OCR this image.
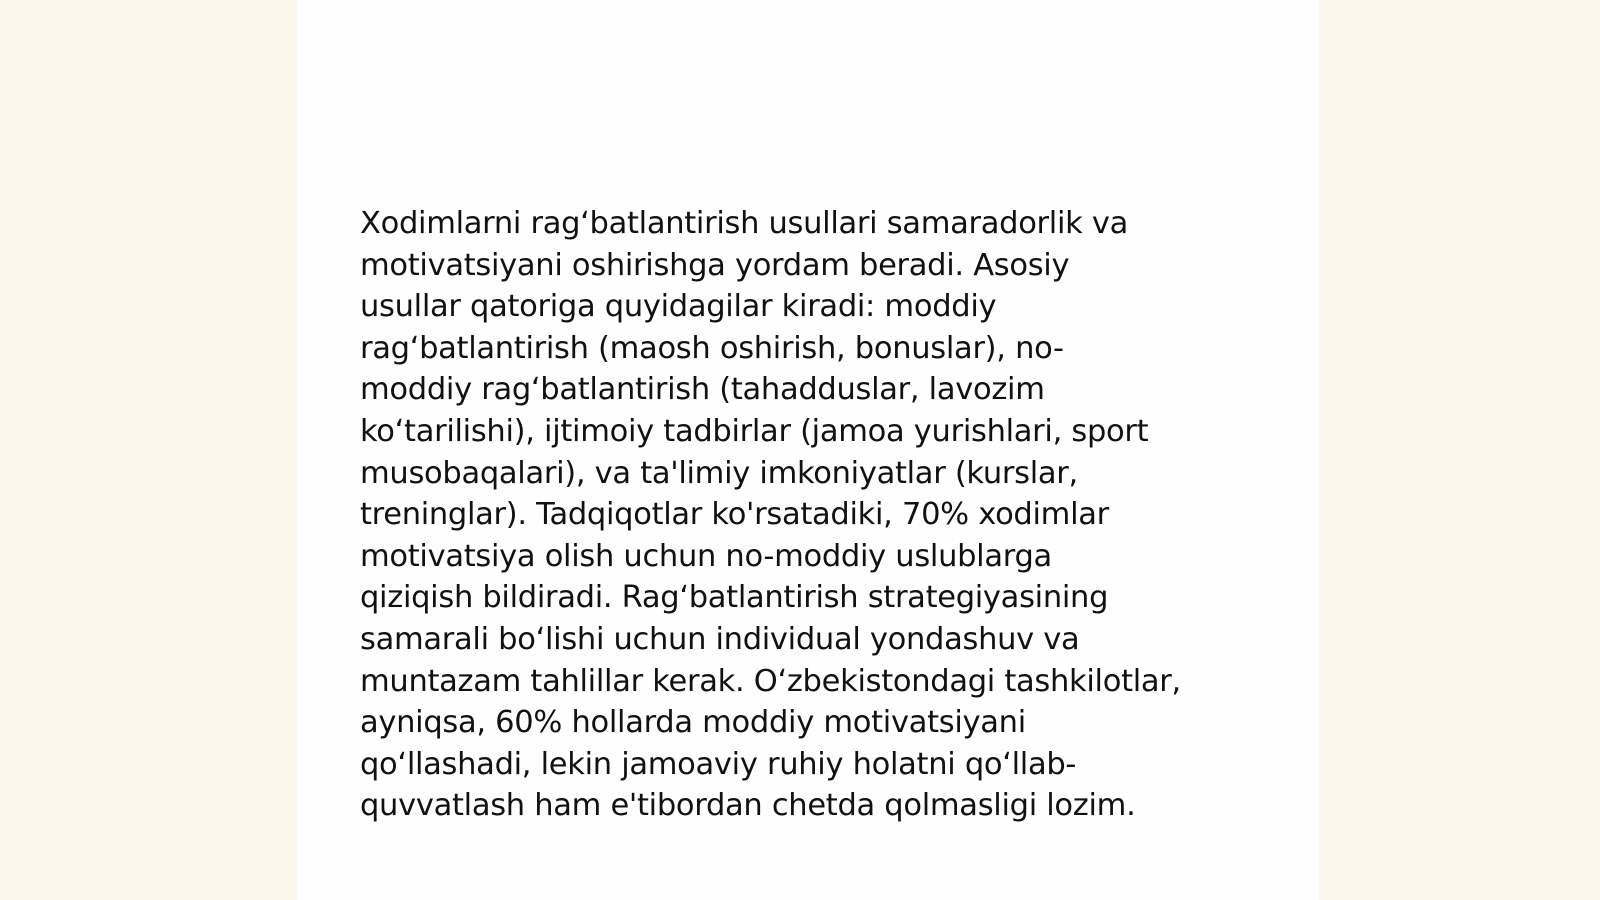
Xodimlarni rag‘batlantirish usullari samaradorlik va
motivatsiyani oshirishga yordam beradi. Asosiy
usullar qatoriga quyidagilar kiradi: moddiy
rag‘batlantirish (maosh oshirish, bonuslar), no-
moddiy rag‘batlantirish (tahadduslar, lavozim
ko‘tarilishi), ijtimoiy tadbirlar (jamoa yurishlari, sport
musobaqalari), va ta'limiy imkoniyatlar (kurslar,
treninglar). Tadqiqotlar ko'rsatadiki, 70% xodimlar
motivatsiya olish uchun no-moddiy uslublarga
qiziqish bildiradi. Rag‘batlantirish strategiyasining
samarali bo‘lishi uchun individual yondashuv va
muntazam tahlillar kerak. O‘zbekistondagi tashkilotlar,
ayniqsa, 60% hollarda moddiy motivatsiyani
qo‘llashadi, lekin jamoaviy ruhiy holatni qo‘llab-
quvvatlash ham e'tibordan chetda qolmasligi lozim.
